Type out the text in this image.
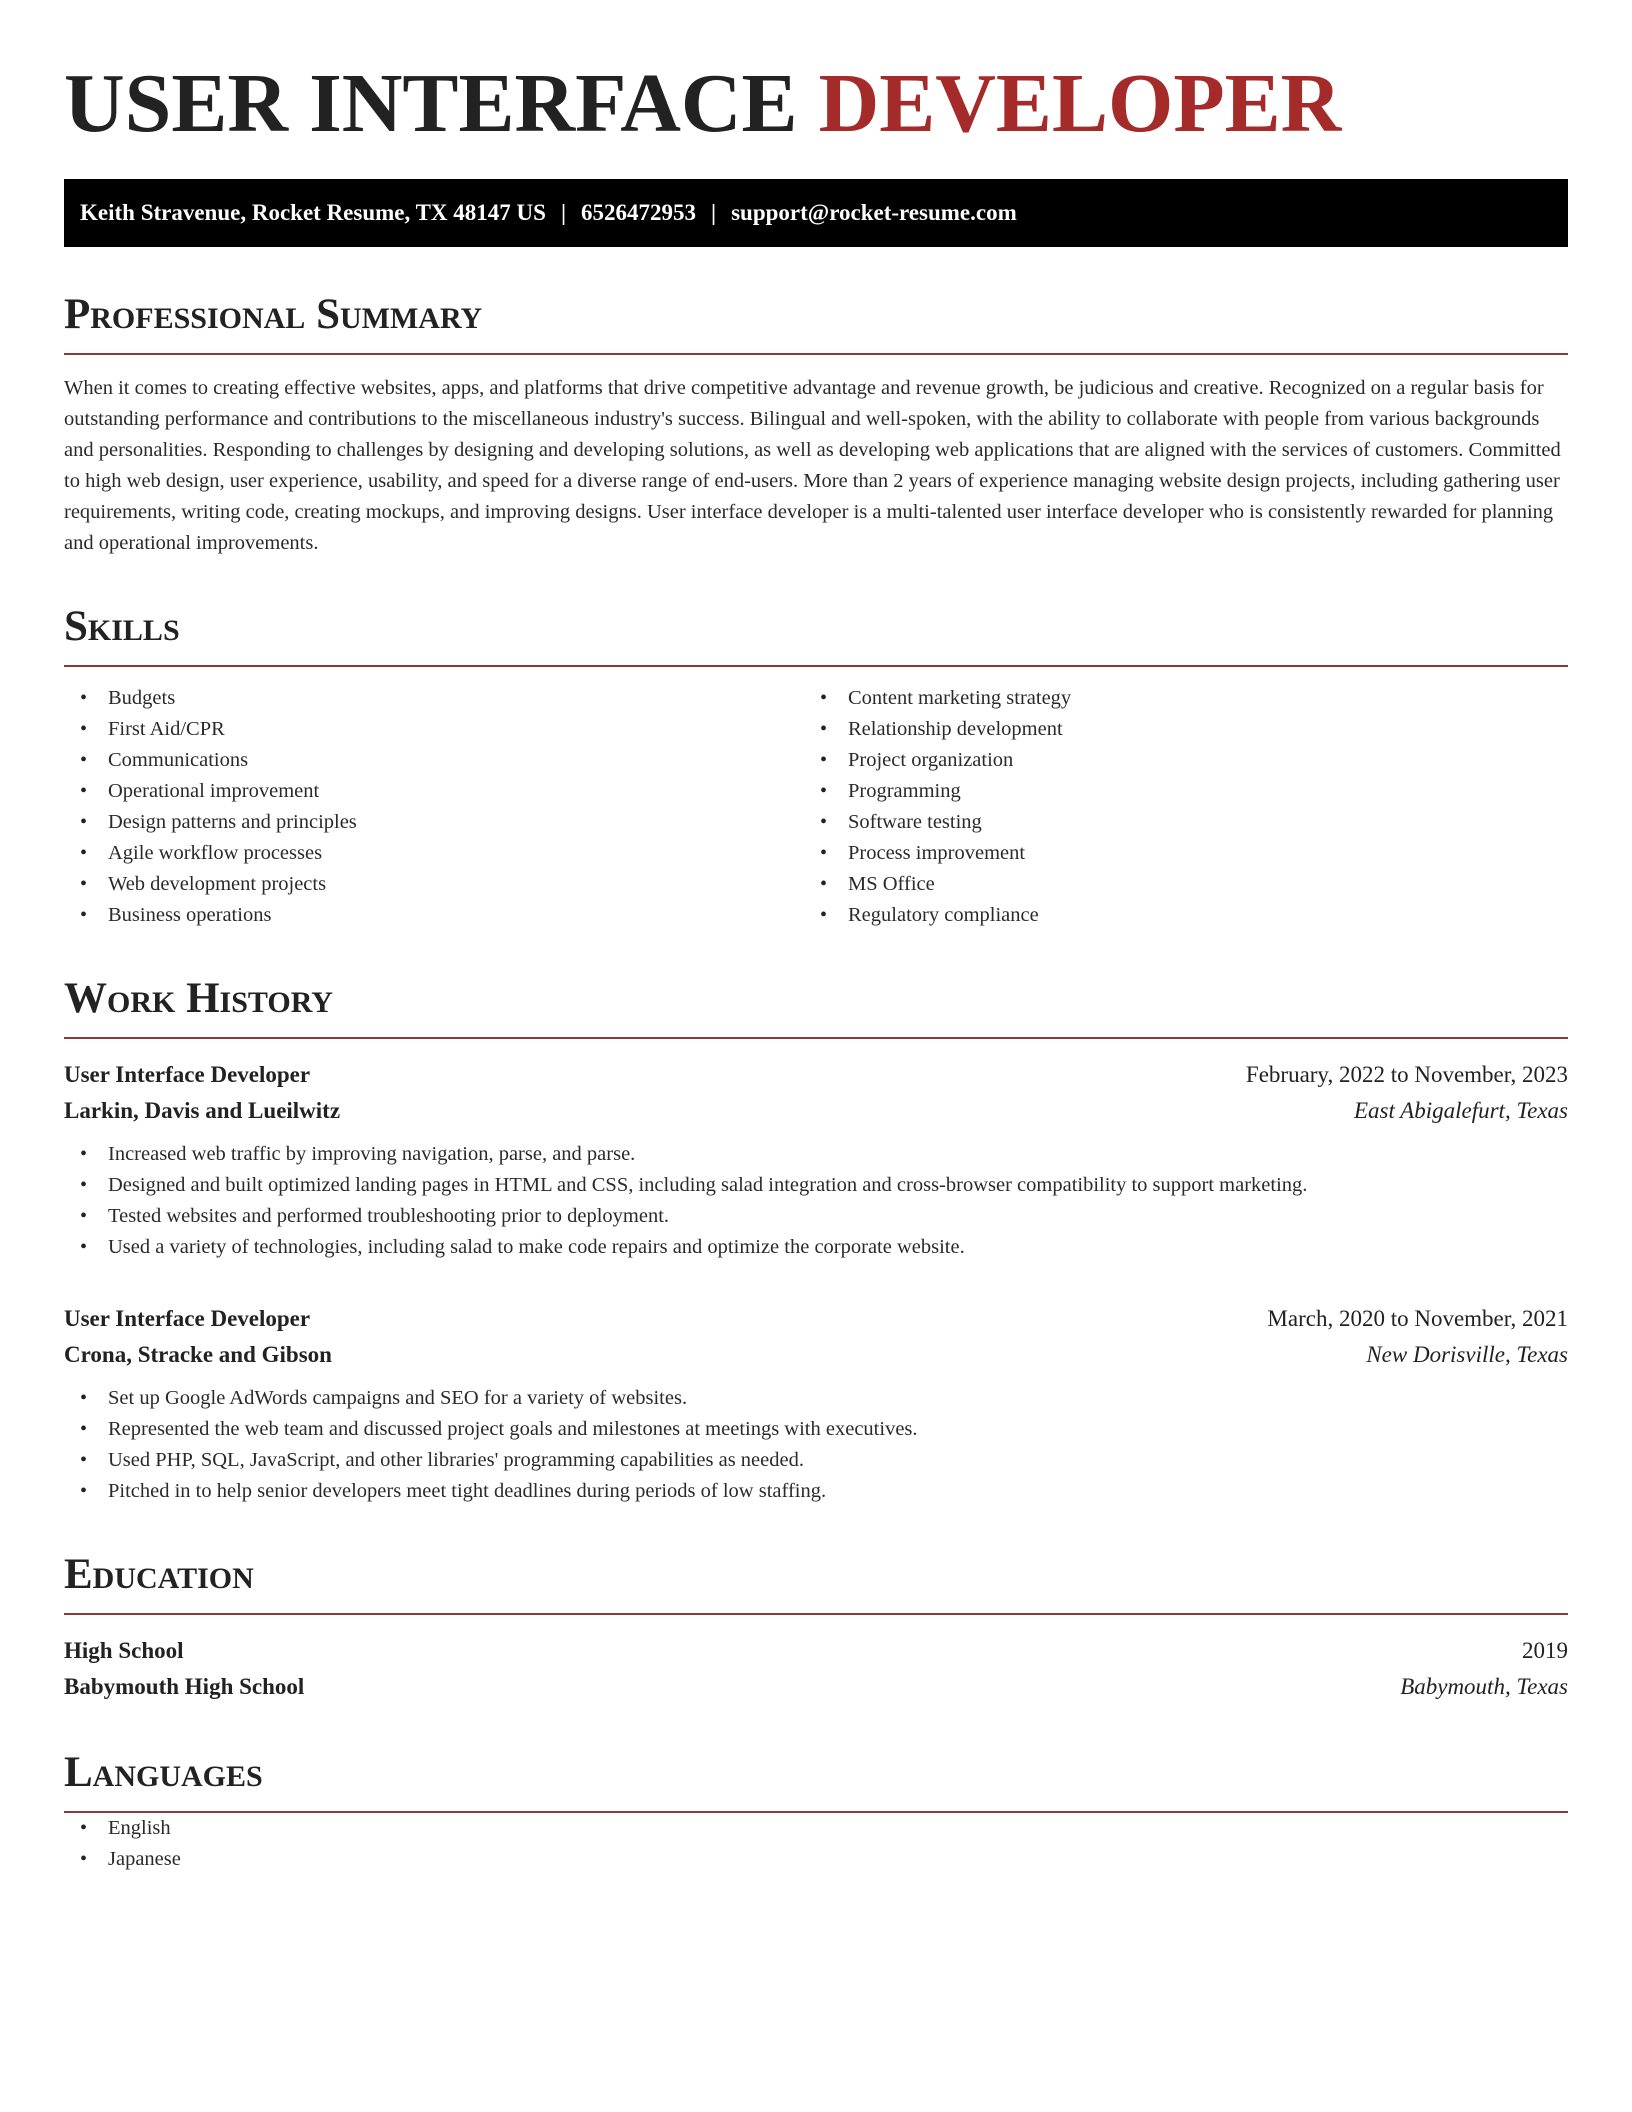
USER INTERFACE DEVELOPER
Keith Stravenue, Rocket Resume, TX 48147 US | 6526472953 | support@rocket-resume.com
Professional Summary

When it comes to creating effective websites, apps, and platforms that drive competitive advantage and revenue growth, be judicious and creative. Recognized on a regular basis for outstanding performance and contributions to the miscellaneous industry's success. Bilingual and well-spoken, with the ability to collaborate with people from various backgrounds and personalities. Responding to challenges by designing and developing solutions, as well as developing web applications that are aligned with the services of customers. Committed to high web design, user experience, usability, and speed for a diverse range of end-users. More than 2 years of experience managing website design projects, including gathering user requirements, writing code, creating mockups, and improving designs. User interface developer is a multi-talented user interface developer who is consistently rewarded for planning and operational improvements.

Skills
• Budgets
• First Aid/CPR
• Communications
• Operational improvement
• Design patterns and principles
• Agile workflow processes
• Web development projects
• Business operations
• Content marketing strategy
• Relationship development
• Project organization
• Programming
• Software testing
• Process improvement
• MS Office
• Regulatory compliance
Work History
User Interface Developer	February, 2022 to November, 2023
Larkin, Davis and Lueilwitz	East Abigalefurt, Texas
• Increased web traffic by improving navigation, parse, and parse.
• Designed and built optimized landing pages in HTML and CSS, including salad integration and cross-browser compatibility to support marketing.
• Tested websites and performed troubleshooting prior to deployment.
• Used a variety of technologies, including salad to make code repairs and optimize the corporate website.
User Interface Developer	March, 2020 to November, 2021
Crona, Stracke and Gibson	New Dorisville, Texas
• Set up Google AdWords campaigns and SEO for a variety of websites.
• Represented the web team and discussed project goals and milestones at meetings with executives.
• Used PHP, SQL, JavaScript, and other libraries' programming capabilities as needed.
• Pitched in to help senior developers meet tight deadlines during periods of low staffing.
Education
High School	2019
Babymouth High School	Babymouth, Texas
Languages
• English
• Japanese
